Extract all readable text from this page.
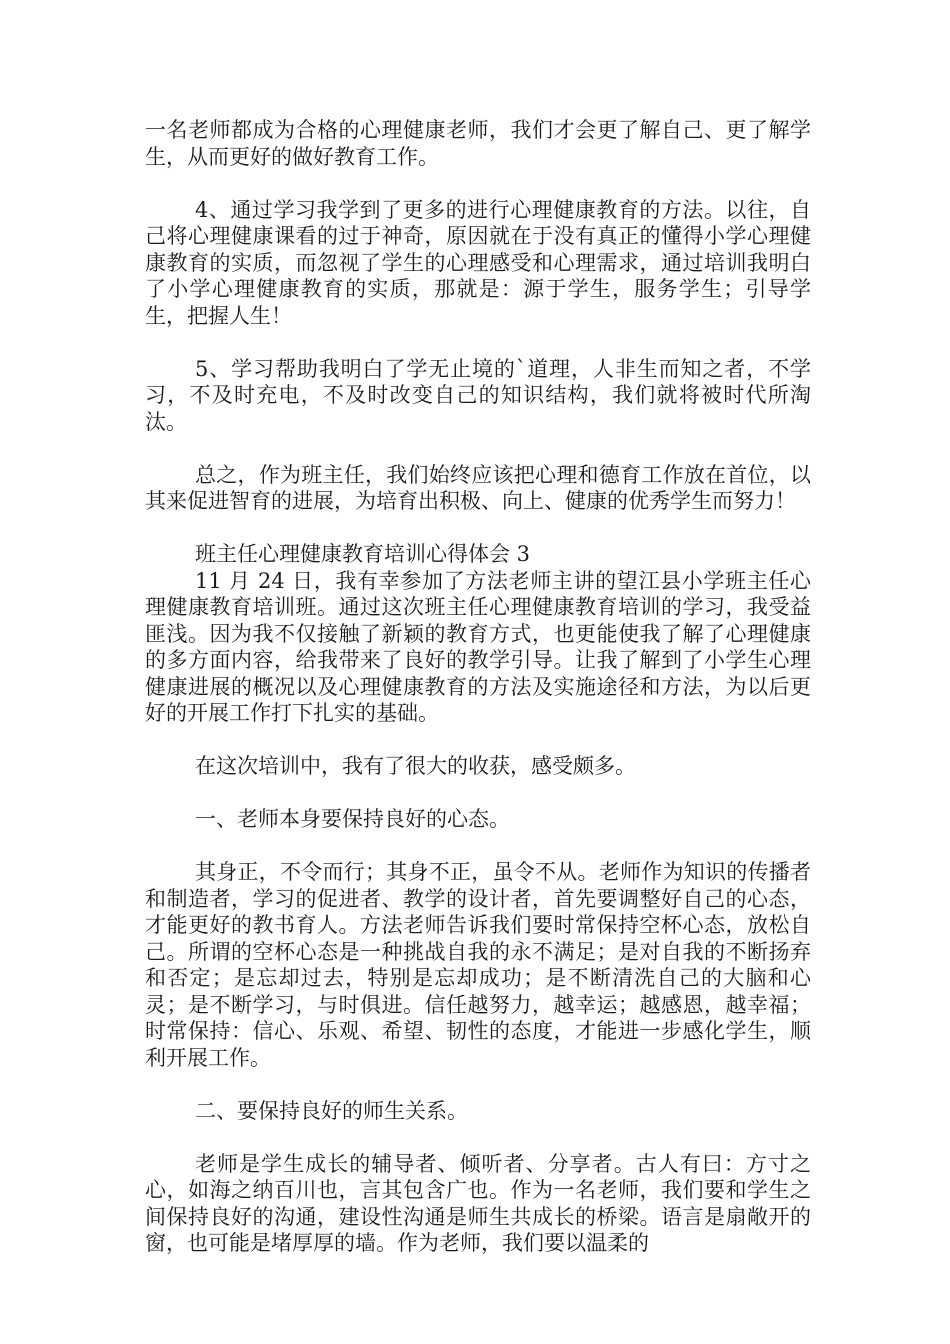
一名老师都成为合格的心理健康老师，我们才会更了解自己、更了解学生，从而更好的做好教育工作。

4、通过学习我学到了更多的进行心理健康教育的方法。以往，自己将心理健康课看的过于神奇，原因就在于没有真正的懂得小学心理健康教育的实质，而忽视了学生的心理感受和心理需求，通过培训我明白了小学心理健康教育的实质，那就是：源于学生，服务学生；引导学生，把握人生！

5、学习帮助我明白了学无止境的`道理，人非生而知之者，不学习，不及时充电，不及时改变自己的知识结构，我们就将被时代所淘汰。

总之，作为班主任，我们始终应该把心理和德育工作放在首位，以其来促进智育的进展，为培育出积极、向上、健康的优秀学生而努力！

班主任心理健康教育培训心得体会 3

11 月 24 日，我有幸参加了方法老师主讲的望江县小学班主任心理健康教育培训班。通过这次班主任心理健康教育培训的学习，我受益匪浅。因为我不仅接触了新颖的教育方式，也更能使我了解了心理健康的多方面内容，给我带来了良好的教学引导。让我了解到了小学生心理健康进展的概况以及心理健康教育的方法及实施途径和方法，为以后更好的开展工作打下扎实的基础。

在这次培训中，我有了很大的收获，感受颇多。

一、老师本身要保持良好的心态。

其身正，不令而行；其身不正，虽令不从。老师作为知识的传播者和制造者，学习的促进者、教学的设计者，首先要调整好自己的心态，才能更好的教书育人。方法老师告诉我们要时常保持空杯心态，放松自己。所谓的空杯心态是一种挑战自我的永不满足；是对自我的不断扬弃和否定；是忘却过去，特别是忘却成功；是不断清洗自己的大脑和心灵；是不断学习，与时俱进。信任越努力，越幸运；越感恩，越幸福；时常保持：信心、乐观、希望、韧性的态度，才能进一步感化学生，顺利开展工作。

二、要保持良好的师生关系。

老师是学生成长的辅导者、倾听者、分享者。古人有曰：方寸之心，如海之纳百川也，言其包含广也。作为一名老师，我们要和学生之间保持良好的沟通，建设性沟通是师生共成长的桥梁。语言是扇敞开的窗，也可能是堵厚厚的墙。作为老师，我们要以温柔的
